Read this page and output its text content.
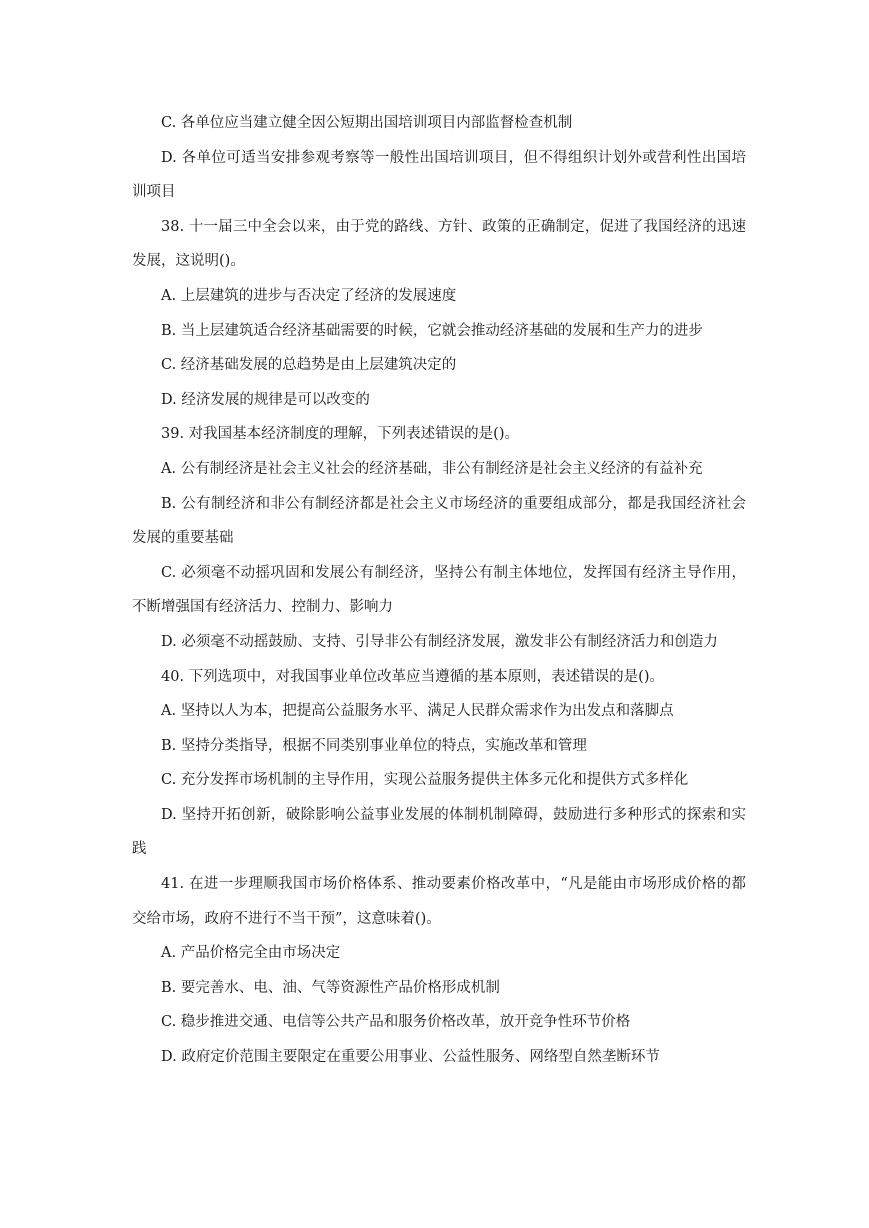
C. 各单位应当建立健全因公短期出国培训项目内部监督检查机制

D. 各单位可适当安排参观考察等一般性出国培训项目，但不得组织计划外或营利性出国培训项目

38. 十一届三中全会以来，由于党的路线、方针、政策的正确制定，促进了我国经济的迅速发展，这说明()。

A. 上层建筑的进步与否决定了经济的发展速度

B. 当上层建筑适合经济基础需要的时候，它就会推动经济基础的发展和生产力的进步

C. 经济基础发展的总趋势是由上层建筑决定的

D. 经济发展的规律是可以改变的

39. 对我国基本经济制度的理解，下列表述错误的是()。

A. 公有制经济是社会主义社会的经济基础，非公有制经济是社会主义经济的有益补充

B. 公有制经济和非公有制经济都是社会主义市场经济的重要组成部分，都是我国经济社会发展的重要基础

C. 必须毫不动摇巩固和发展公有制经济，坚持公有制主体地位，发挥国有经济主导作用，不断增强国有经济活力、控制力、影响力

D. 必须毫不动摇鼓励、支持、引导非公有制经济发展，激发非公有制经济活力和创造力

40. 下列选项中，对我国事业单位改革应当遵循的基本原则，表述错误的是()。

A. 坚持以人为本，把提高公益服务水平、满足人民群众需求作为出发点和落脚点

B. 坚持分类指导，根据不同类别事业单位的特点，实施改革和管理

C. 充分发挥市场机制的主导作用，实现公益服务提供主体多元化和提供方式多样化

D. 坚持开拓创新，破除影响公益事业发展的体制机制障碍，鼓励进行多种形式的探索和实践

41. 在进一步理顺我国市场价格体系、推动要素价格改革中，“凡是能由市场形成价格的都交给市场，政府不进行不当干预”，这意味着()。

A. 产品价格完全由市场决定

B. 要完善水、电、油、气等资源性产品价格形成机制

C. 稳步推进交通、电信等公共产品和服务价格改革，放开竞争性环节价格

D. 政府定价范围主要限定在重要公用事业、公益性服务、网络型自然垄断环节
